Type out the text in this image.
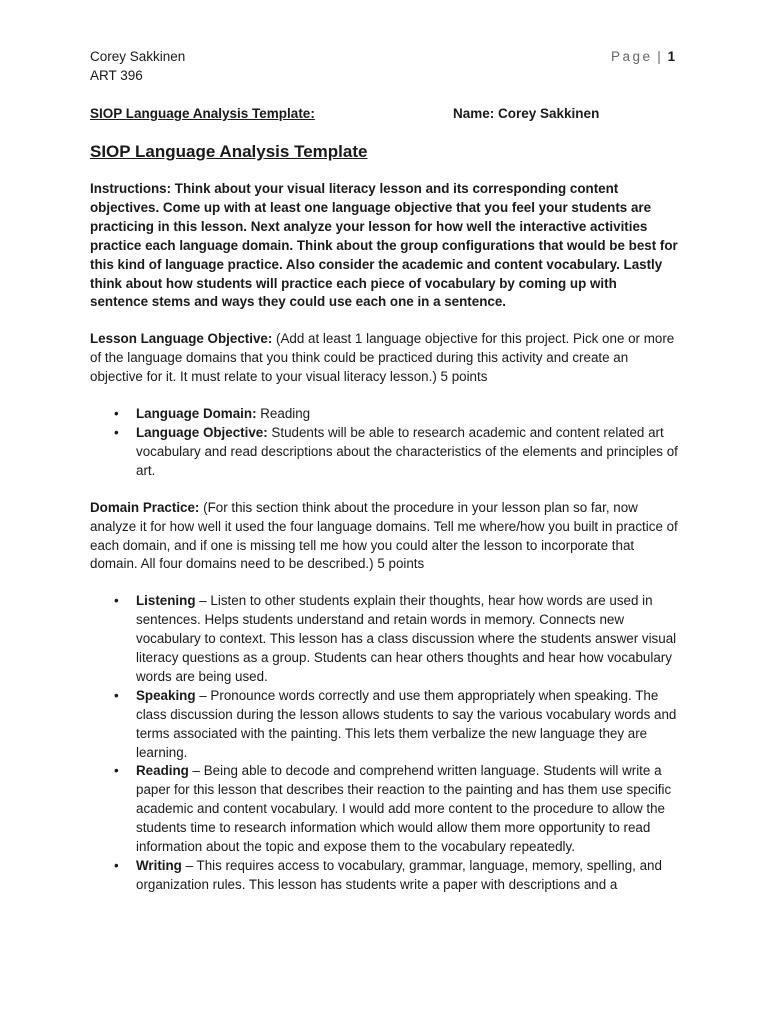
Corey Sakkinen
ART 396
Page | 1
SIOP Language Analysis Template:	Name: Corey Sakkinen
SIOP Language Analysis Template

Instructions: Think about your visual literacy lesson and its corresponding content objectives. Come up with at least one language objective that you feel your students are practicing in this lesson. Next analyze your lesson for how well the interactive activities practice each language domain. Think about the group configurations that would be best for this kind of language practice. Also consider the academic and content vocabulary. Lastly think about how students will practice each piece of vocabulary by coming up with sentence stems and ways they could use each one in a sentence.

Lesson Language Objective: (Add at least 1 language objective for this project. Pick one or more of the language domains that you think could be practiced during this activity and create an objective for it. It must relate to your visual literacy lesson.) 5 points

• Language Domain: Reading
• Language Objective: Students will be able to research academic and content related art vocabulary and read descriptions about the characteristics of the elements and principles of art.

Domain Practice: (For this section think about the procedure in your lesson plan so far, now analyze it for how well it used the four language domains. Tell me where/how you built in practice of each domain, and if one is missing tell me how you could alter the lesson to incorporate that domain. All four domains need to be described.) 5 points

• Listening – Listen to other students explain their thoughts, hear how words are used in sentences. Helps students understand and retain words in memory. Connects new vocabulary to context. This lesson has a class discussion where the students answer visual literacy questions as a group. Students can hear others thoughts and hear how vocabulary words are being used.
• Speaking – Pronounce words correctly and use them appropriately when speaking. The class discussion during the lesson allows students to say the various vocabulary words and terms associated with the painting. This lets them verbalize the new language they are learning.
• Reading – Being able to decode and comprehend written language. Students will write a paper for this lesson that describes their reaction to the painting and has them use specific academic and content vocabulary. I would add more content to the procedure to allow the students time to research information which would allow them more opportunity to read information about the topic and expose them to the vocabulary repeatedly.
• Writing – This requires access to vocabulary, grammar, language, memory, spelling, and organization rules. This lesson has students write a paper with descriptions and a
